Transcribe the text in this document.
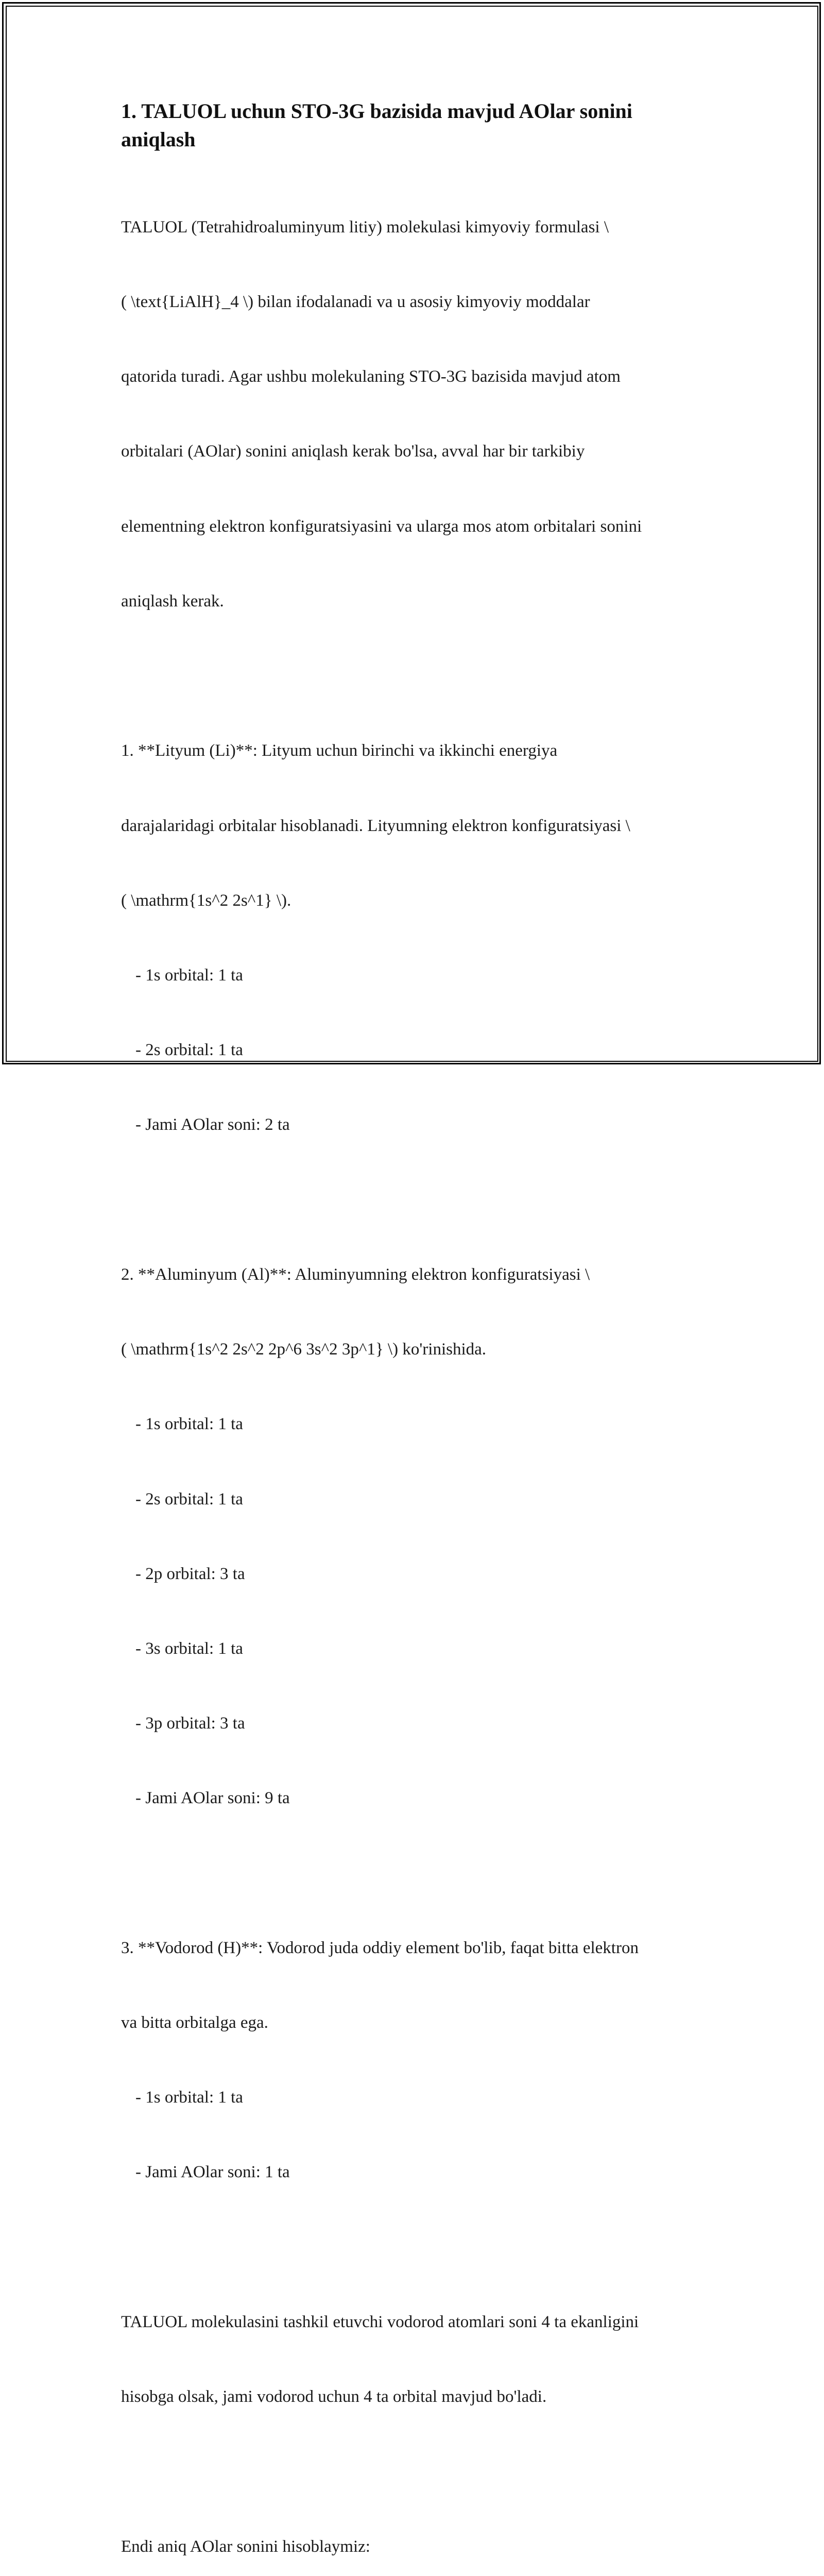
1. TALUOL uchun STO-3G bazisida mavjud AOlar sonini
aniqlash

TALUOL (Tetrahidroaluminyum litiy) molekulasi kimyoviy formulasi \

( \text{LiAlH}_4 \) bilan ifodalanadi va u asosiy kimyoviy moddalar

qatorida turadi. Agar ushbu molekulaning STO-3G bazisida mavjud atom

orbitalari (AOlar) sonini aniqlash kerak bo'lsa, avval har bir tarkibiy

elementning elektron konfiguratsiyasini va ularga mos atom orbitalari sonini

aniqlash kerak.

1. **Lityum (Li)**: Lityum uchun birinchi va ikkinchi energiya

darajalaridagi orbitalar hisoblanadi. Lityumning elektron konfiguratsiyasi \

( \mathrm{1s^2 2s^1} \).

- 1s orbital: 1 ta

- 2s orbital: 1 ta

- Jami AOlar soni: 2 ta

2. **Aluminyum (Al)**: Aluminyumning elektron konfiguratsiyasi \

( \mathrm{1s^2 2s^2 2p^6 3s^2 3p^1} \) ko'rinishida.

- 1s orbital: 1 ta

- 2s orbital: 1 ta

- 2p orbital: 3 ta

- 3s orbital: 1 ta

- 3p orbital: 3 ta

- Jami AOlar soni: 9 ta

3. **Vodorod (H)**: Vodorod juda oddiy element bo'lib, faqat bitta elektron

va bitta orbitalga ega.

- 1s orbital: 1 ta

- Jami AOlar soni: 1 ta

TALUOL molekulasini tashkil etuvchi vodorod atomlari soni 4 ta ekanligini

hisobga olsak, jami vodorod uchun 4 ta orbital mavjud bo'ladi.

Endi aniq AOlar sonini hisoblaymiz:
